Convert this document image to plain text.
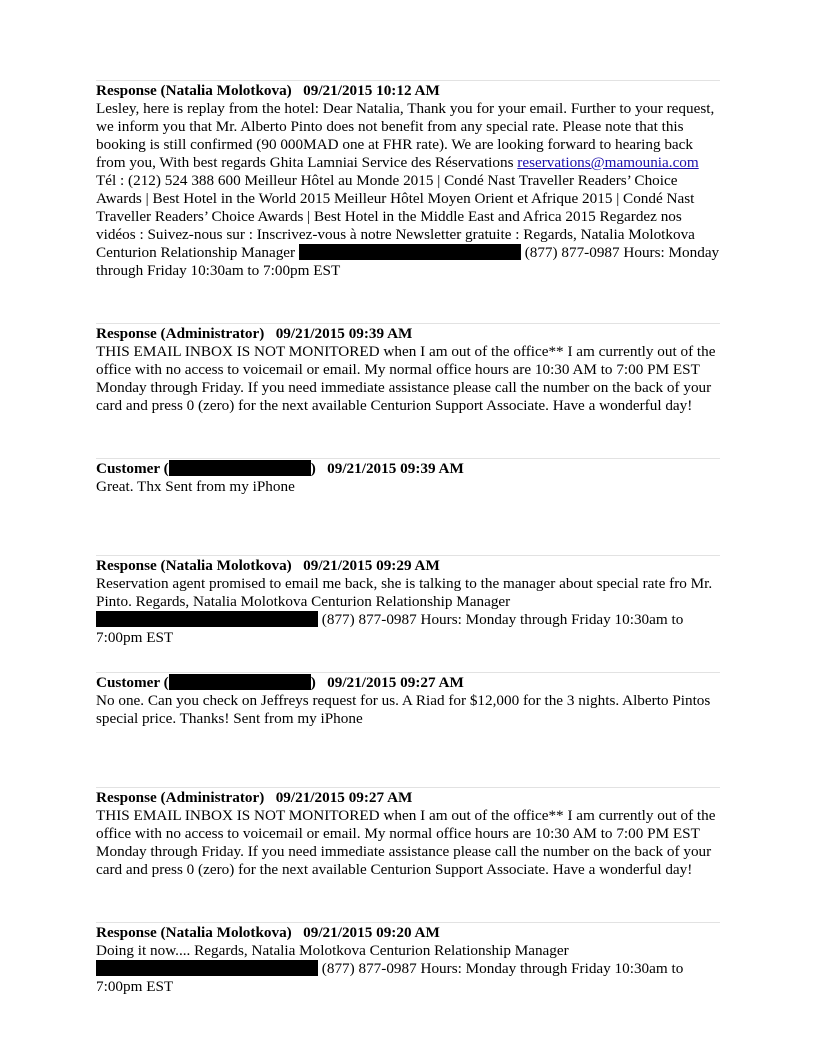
Response (Natalia Molotkova)   09/21/2015 10:12 AM
Lesley, here is replay from the hotel: Dear Natalia, Thank you for your email. Further to your request, we inform you that Mr. Alberto Pinto does not benefit from any special rate. Please note that this booking is still confirmed (90 000MAD one at FHR rate). We are looking forward to hearing back from you, With best regards Ghita Lamniai Service des Réservations reservations@mamounia.com Tél : (212) 524 388 600 Meilleur Hôtel au Monde 2015 | Condé Nast Traveller Readers’ Choice Awards | Best Hotel in the World 2015 Meilleur Hôtel Moyen Orient et Afrique 2015 | Condé Nast Traveller Readers’ Choice Awards | Best Hotel in the Middle East and Africa 2015 Regardez nos vidéos : Suivez-nous sur : Inscrivez-vous à notre Newsletter gratuite : Regards, Natalia Molotkova Centurion Relationship Manager	(877) 877-0987 Hours: Monday through Friday 10:30am to 7:00pm EST
Response (Administrator)   09/21/2015 09:39 AM
THIS EMAIL INBOX IS NOT MONITORED when I am out of the office** I am currently out of the office with no access to voicemail or email. My normal office hours are 10:30 AM to 7:00 PM EST Monday through Friday. If you need immediate assistance please call the number on the back of your card and press 0 (zero) for the next available Centurion Support Associate. Have a wonderful day!
Customer (	)   09/21/2015 09:39 AM
Great. Thx Sent from my iPhone
Response (Natalia Molotkova)   09/21/2015 09:29 AM
Reservation agent promised to email me back, she is talking to the manager about special rate fro Mr. Pinto. Regards, Natalia Molotkova Centurion Relationship Manager  (877) 877-0987 Hours: Monday through Friday 10:30am to 7:00pm EST
Customer (	)   09/21/2015 09:27 AM
No one. Can you check on Jeffreys request for us. A Riad for $12,000 for the 3 nights. Alberto Pintos special price. Thanks! Sent from my iPhone
Response (Administrator)   09/21/2015 09:27 AM
THIS EMAIL INBOX IS NOT MONITORED when I am out of the office** I am currently out of the office with no access to voicemail or email. My normal office hours are 10:30 AM to 7:00 PM EST Monday through Friday. If you need immediate assistance please call the number on the back of your card and press 0 (zero) for the next available Centurion Support Associate. Have a wonderful day!
Response (Natalia Molotkova)   09/21/2015 09:20 AM
Doing it now.... Regards, Natalia Molotkova Centurion Relationship Manager  (877) 877-0987 Hours: Monday through Friday 10:30am to 7:00pm EST
